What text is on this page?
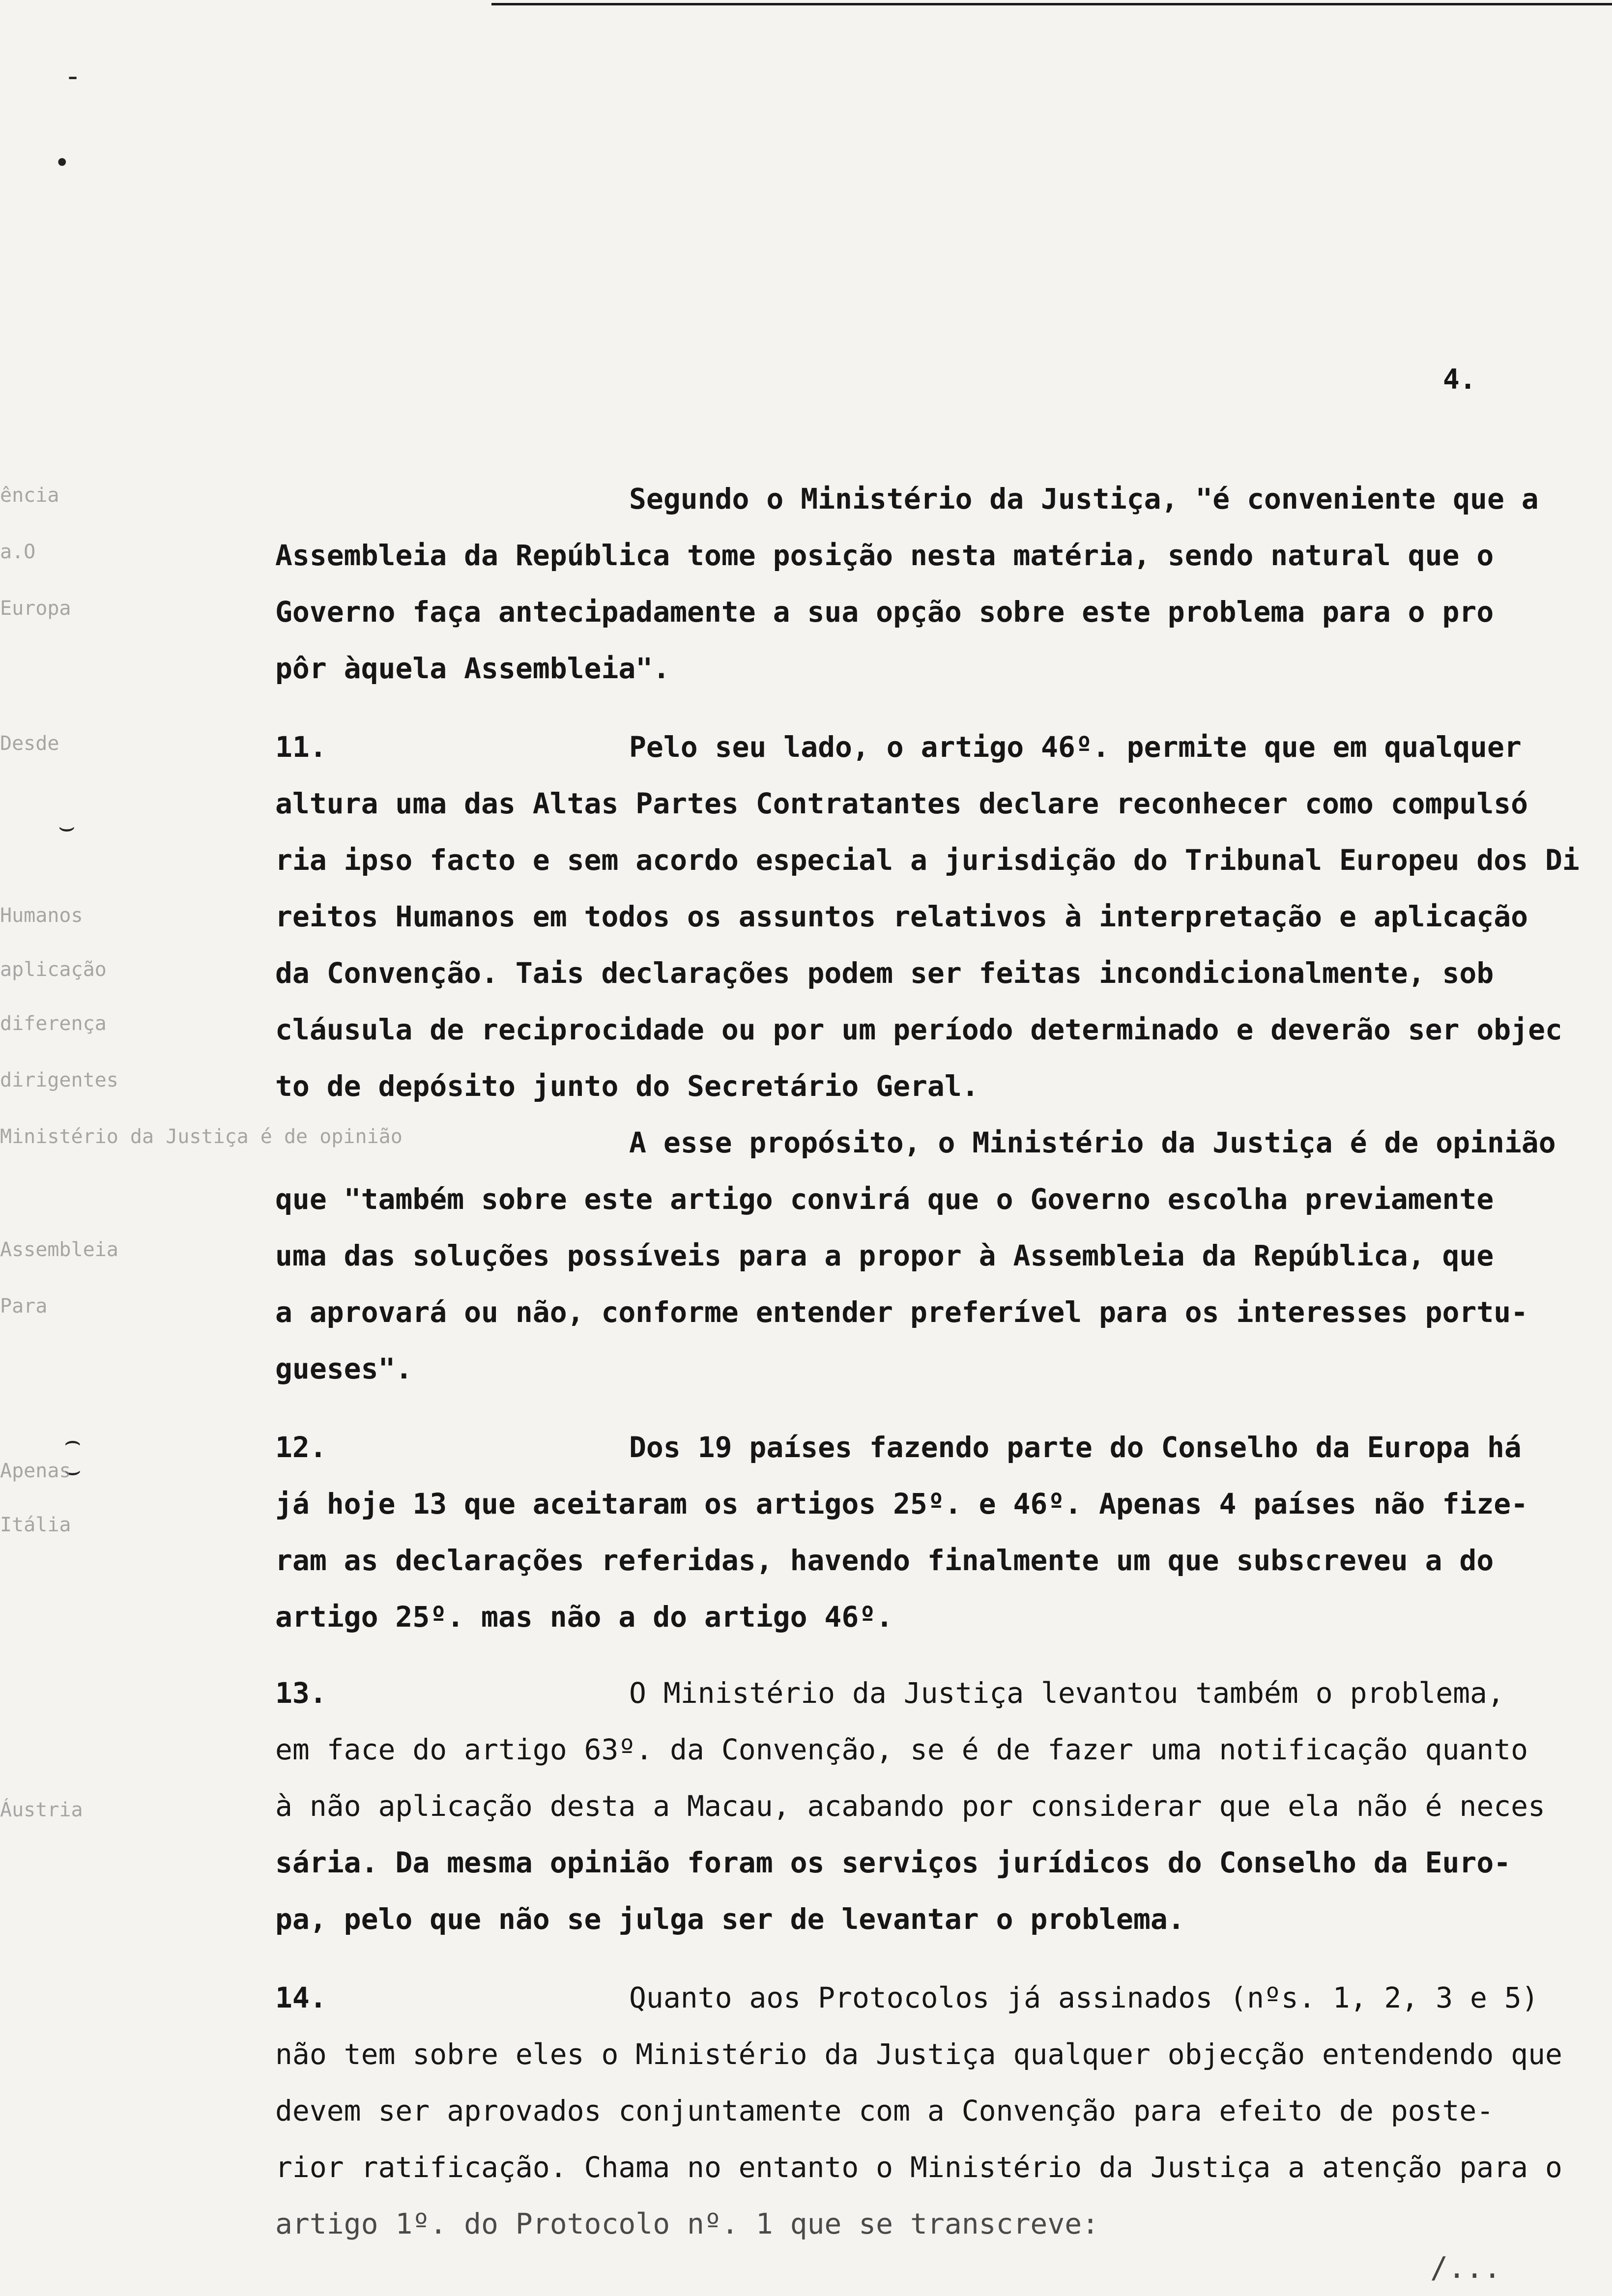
-
•
⌣
⌢
⌣
4.
ência
a.O
Europa
Desde
Humanos
aplicação
diferença
dirigentes
Ministério da Justiça é de opinião
Assembleia
Para
Apenas
Itália
Áustria
Segundo o Ministério da Justiça, "é conveniente que a
Assembleia da República tome posição nesta matéria, sendo natural que o
Governo faça antecipadamente a sua opção sobre este problema para o pro
pôr àquela Assembleia".
11.	Pelo seu lado, o artigo 46º. permite que em qualquer
altura uma das Altas Partes Contratantes declare reconhecer como compulsó
ria ipso facto e sem acordo especial a jurisdição do Tribunal Europeu dos Di
reitos Humanos em todos os assuntos relativos à interpretação e aplicação
da Convenção. Tais declarações podem ser feitas incondicionalmente, sob
cláusula de reciprocidade ou por um período determinado e deverão ser objec
to de depósito junto do Secretário Geral.
A esse propósito, o Ministério da Justiça é de opinião
que "também sobre este artigo convirá que o Governo escolha previamente
uma das soluções possíveis para a propor à Assembleia da República, que
a aprovará ou não, conforme entender preferível para os interesses portu-
gueses".
12.	Dos 19 países fazendo parte do Conselho da Europa há
já hoje 13 que aceitaram os artigos 25º. e 46º. Apenas 4 países não fize-
ram as declarações referidas, havendo finalmente um que subscreveu a do
artigo 25º. mas não a do artigo 46º.
13.	O Ministério da Justiça levantou também o problema,
em face do artigo 63º. da Convenção, se é de fazer uma notificação quanto
à não aplicação desta a Macau, acabando por considerar que ela não é neces
sária. Da mesma opinião foram os serviços jurídicos do Conselho da Euro-
pa, pelo que não se julga ser de levantar o problema.
14.	Quanto aos Protocolos já assinados (nºs. 1, 2, 3 e 5)
não tem sobre eles o Ministério da Justiça qualquer objecção entendendo que
devem ser aprovados conjuntamente com a Convenção para efeito de poste-
rior ratificação. Chama no entanto o Ministério da Justiça a atenção para o
artigo 1º. do Protocolo nº. 1 que se transcreve:
/...
